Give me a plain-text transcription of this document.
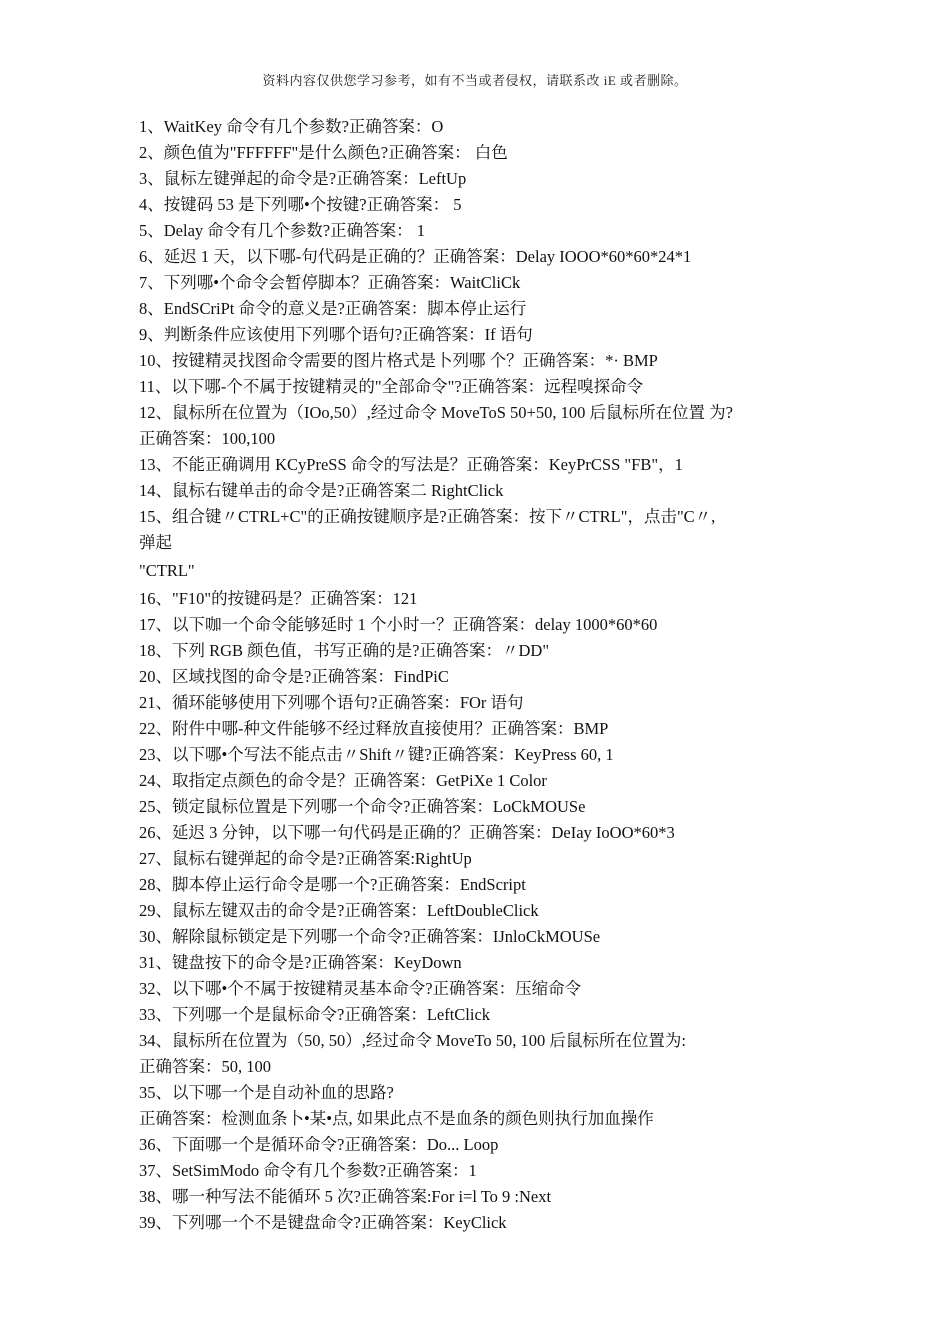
资料内容仅供您学习参考，如有不当或者侵权，请联系改 iE 或者删除。
1、WaitKey 命令有几个参数?正确答案：O
2、颜色值为"FFFFFF"是什么颜色?正确答案： 白色
3、鼠标左键弹起的命令是?正确答案：LeftUp
4、按键码 53 是下列哪•个按键?正确答案： 5
5、Delay 命令有几个参数?正确答案： 1
6、延迟 1 天，以下哪-句代码是正确的？正确答案：Delay IOOO*60*60*24*1
7、下列哪•个命令会暂停脚本？正确答案：WaitCliCk
8、EndSCriPt 命令的意义是?正确答案：脚本停止运行
9、判断条件应该使用下列哪个语句?正确答案：If 语句
10、按键精灵找图命令需要的图片格式是卜列哪 个？正确答案：*· BMP
11、以下哪-个不属于按键精灵的"全部命令"?正确答案：远程嗅探命令
12、鼠标所在位置为（IOo,50）,经过命令 MoveToS 50+50, 100 后鼠标所在位置 为?
正确答案：100,100
13、不能正确调用 KCyPreSS 命令的写法是？正确答案：KeyPrCSS "FB"，1
14、鼠标右键单击的命令是?正确答案二 RightClick
15、组合键〃CTRL+C"的正确按键顺序是?正确答案：按下〃CTRL"，点击"C〃,
弹起
"CTRL"
16、"F10"的按键码是？正确答案：121
17、以下咖一个命令能够延时 1 个小时一？正确答案：delay 1000*60*60
18、下列 RGB 颜色值，书写正确的是?正确答案：〃DD"
20、区域找图的命令是?正确答案：FindPiC
21、循环能够使用下列哪个语句?正确答案：FOr 语句
22、附件中哪-种文件能够不经过释放直接使用？正确答案：BMP
23、以下哪•个写法不能点击〃Shift〃键?正确答案：KeyPress 60, 1
24、取指定点颜色的命令是？正确答案：GetPiXe 1 Color
25、锁定鼠标位置是下列哪一个命令?正确答案：LoCkMOUSe
26、延迟 3 分钟，以下哪一句代码是正确的？正确答案：DeIay IoOO*60*3
27、鼠标右键弹起的命令是?正确答案:RightUp
28、脚本停止运行命令是哪一个?正确答案：EndScript
29、鼠标左键双击的命令是?正确答案：LeftDoubleClick
30、解除鼠标锁定是下列哪一个命令?正确答案：IJnloCkMOUSe
31、键盘按下的命令是?正确答案：KeyDown
32、以下哪•个不属于按键精灵基本命令?正确答案：压缩命令
33、下列哪一个是鼠标命令?正确答案：LeftClick
34、鼠标所在位置为（50, 50）,经过命令 MoveTo 50, 100 后鼠标所在位置为:
正确答案：50, 100
35、以下哪一个是自动补血的思路?
正确答案：检测血条卜•某•点, 如果此点不是血条的颜色则执行加血操作
36、下面哪一个是循环命令?正确答案：Do... Loop
37、SetSimModo 命令有几个参数?正确答案：1
38、哪一种写法不能循环 5 次?正确答案:For i=l To 9 :Next
39、下列哪一个不是键盘命令?正确答案：KeyClick
